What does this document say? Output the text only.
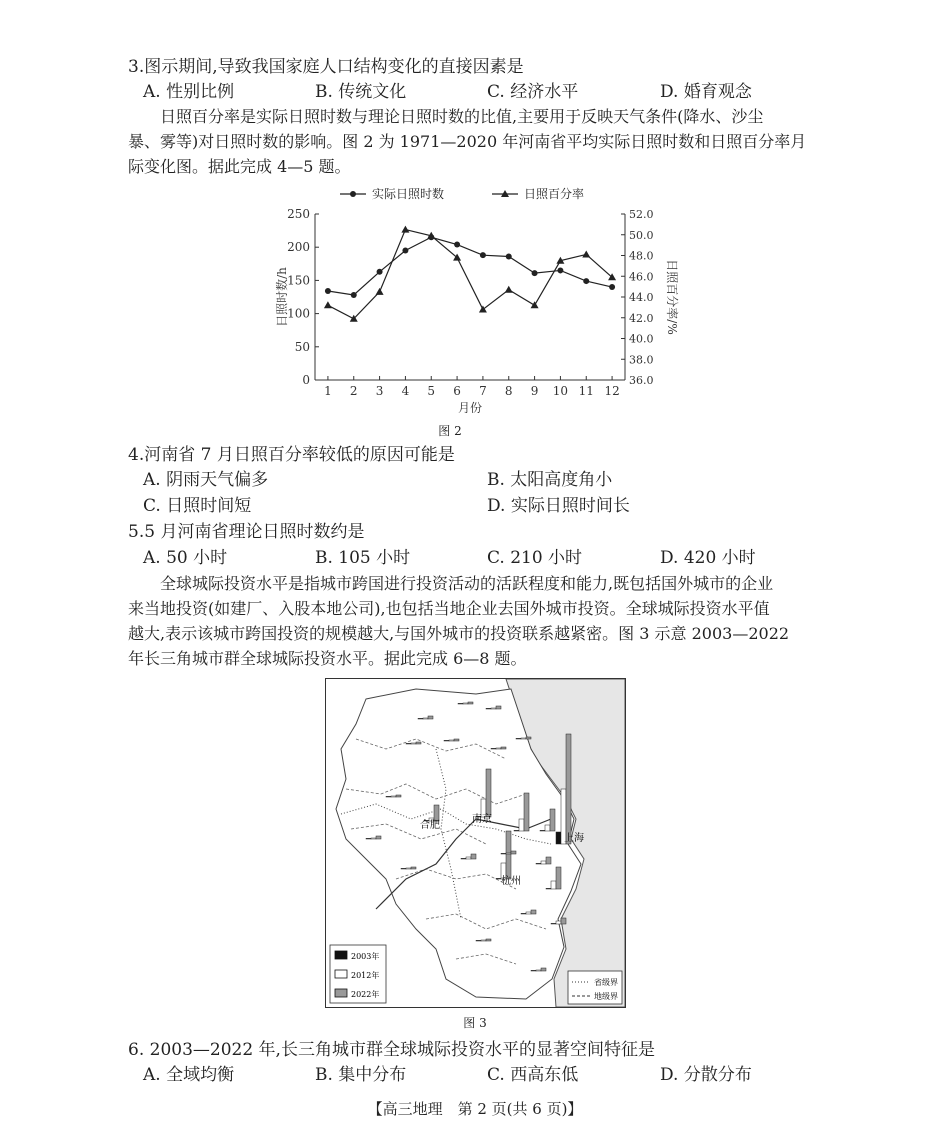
3.图示期间,导致我国家庭人口结构变化的直接因素是
A. 性别比例	B. 传统文化	C. 经济水平	D. 婚育观念
日照百分率是实际日照时数与理论日照时数的比值,主要用于反映天气条件(降水、沙尘
暴、雾等)对日照时数的影响。图 2 为 1971—2020 年河南省平均实际日照时数和日照百分率月
际变化图。据此完成 4—5 题。
0
50
100
150
200
250
36.0
38.0
40.0
42.0
44.0
46.0
48.0
50.0
52.0
1 2 3 4 5 6 7 8 9 10 11 12
月份
日照时数/h	日照百分率/%
实际日照时数	日照百分率
图 2
4.河南省 7 月日照百分率较低的原因可能是
A. 阴雨天气偏多	B. 太阳高度角小
C. 日照时间短	D. 实际日照时间长
5.5 月河南省理论日照时数约是
A. 50 小时	B. 105 小时	C. 210 小时	D. 420 小时
全球城际投资水平是指城市跨国进行投资活动的活跃程度和能力,既包括国外城市的企业
来当地投资(如建厂、入股本地公司),也包括当地企业去国外城市投资。全球城际投资水平值
越大,表示该城市跨国投资的规模越大,与国外城市的投资联系越紧密。图 3 示意 2003—2022
年长三角城市群全球城际投资水平。据此完成 6—8 题。
合肥
南京
杭州
上海
2003年
2012年
2022年
省级界
地级界
图 3
6. 2003—2022 年,长三角城市群全球城际投资水平的显著空间特征是
A. 全域均衡	B. 集中分布	C. 西高东低	D. 分散分布
【高三地理　第 2 页(共 6 页)】
